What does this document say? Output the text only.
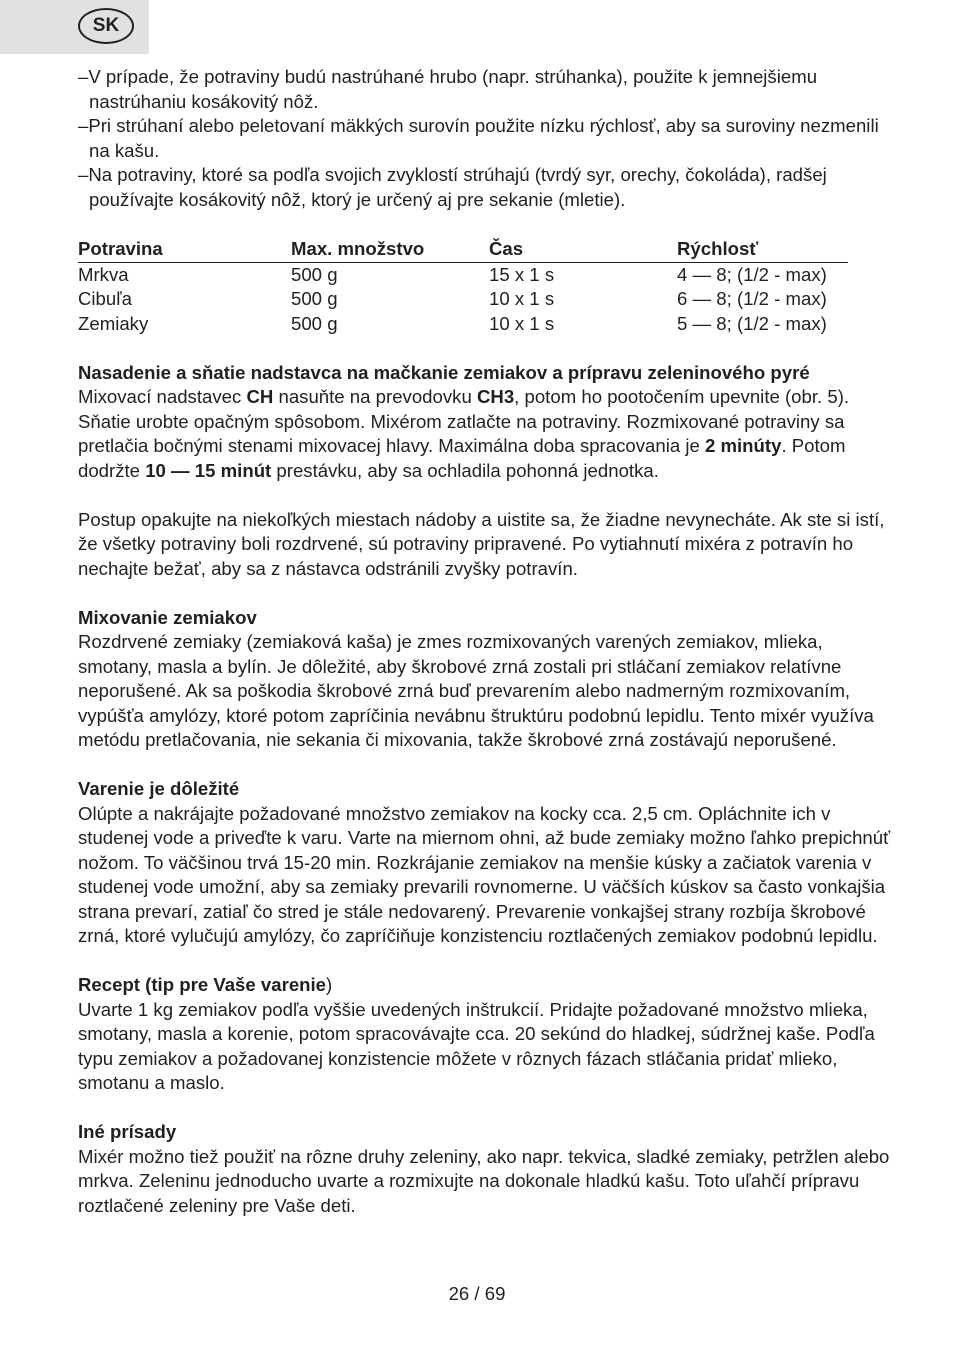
SK

–V prípade, že potraviny budú nastrúhané hrubo (napr. strúhanka), použite k jemnejšiemu nastrúhaniu kosákovitý nôž.

–Pri strúhaní alebo peletovaní mäkkých surovín použite nízku rýchlosť, aby sa suroviny nezmenili na kašu.

–Na potraviny, ktoré sa podľa svojich zvyklostí strúhajú (tvrdý syr, orechy, čokoláda), radšej používajte kosákovitý nôž, ktorý je určený aj pre sekanie (mletie).

Potravina	Max. množstvo	Čas	Rýchlosť
Mrkva	500 g	15 x 1 s	4 — 8; (1/2 - max)
Cibuľa	500 g	10 x 1 s	6 — 8; (1/2 - max)
Zemiaky	500 g	10 x 1 s	5 — 8; (1/2 - max)
Nasadenie a sňatie nadstavca na mačkanie zemiakov a prípravu zeleninového pyré

Mixovací nadstavec CH nasuňte na prevodovku CH3, potom ho pootočením upevnite (obr. 5). Sňatie urobte opačným spôsobom. Mixérom zatlačte na potraviny. Rozmixované potraviny sa pretlačia bočnými stenami mixovacej hlavy. Maximálna doba spracovania je 2 minúty. Potom dodržte 10 — 15 minút prestávku, aby sa ochladila pohonná jednotka.

Postup opakujte na niekoľkých miestach nádoby a uistite sa, že žiadne nevynecháte. Ak ste si istí, že všetky potraviny boli rozdrvené, sú potraviny pripravené. Po vytiahnutí mixéra z potravín ho nechajte bežať, aby sa z nástavca odstránili zvyšky potravín.

Mixovanie zemiakov

Rozdrvené zemiaky (zemiaková kaša) je zmes rozmixovaných varených zemiakov, mlieka, smotany, masla a bylín. Je dôležité, aby škrobové zrná zostali pri stláčaní zemiakov relatívne neporušené. Ak sa poškodia škrobové zrná buď prevarením alebo nadmerným rozmixovaním, vypúšťa amylózy, ktoré potom zapríčinia nevábnu štruktúru podobnú lepidlu. Tento mixér využíva metódu pretlačovania, nie sekania či mixovania, takže škrobové zrná zostávajú neporušené.

Varenie je dôležité

Olúpte a nakrájajte požadované množstvo zemiakov na kocky cca. 2,5 cm. Opláchnite ich v studenej vode a priveďte k varu. Varte na miernom ohni, až bude zemiaky možno ľahko prepichnúť nožom. To väčšinou trvá 15-20 min. Rozkrájanie zemiakov na menšie kúsky a začiatok varenia v studenej vode umožní, aby sa zemiaky prevarili rovnomerne. U väčších kúskov sa často vonkajšia strana prevarí, zatiaľ čo stred je stále nedovarený. Prevarenie vonkajšej strany rozbíja škrobové zrná, ktoré vylučujú amylózy, čo zapríčiňuje konzistenciu roztlačených zemiakov podobnú lepidlu.

Recept (tip pre Vaše varenie)

Uvarte 1 kg zemiakov podľa vyššie uvedených inštrukcií. Pridajte požadované množstvo mlieka, smotany, masla a korenie, potom spracovávajte cca. 20 sekúnd do hladkej, súdržnej kaše. Podľa typu zemiakov a požadovanej konzistencie môžete v rôznych fázach stláčania pridať mlieko, smotanu a maslo.

Iné prísady

Mixér možno tiež použiť na rôzne druhy zeleniny, ako napr. tekvica, sladké zemiaky, petržlen alebo mrkva. Zeleninu jednoducho uvarte a rozmixujte na dokonale hladkú kašu. Toto uľahčí prípravu roztlačené zeleniny pre Vaše deti.

26 / 69
